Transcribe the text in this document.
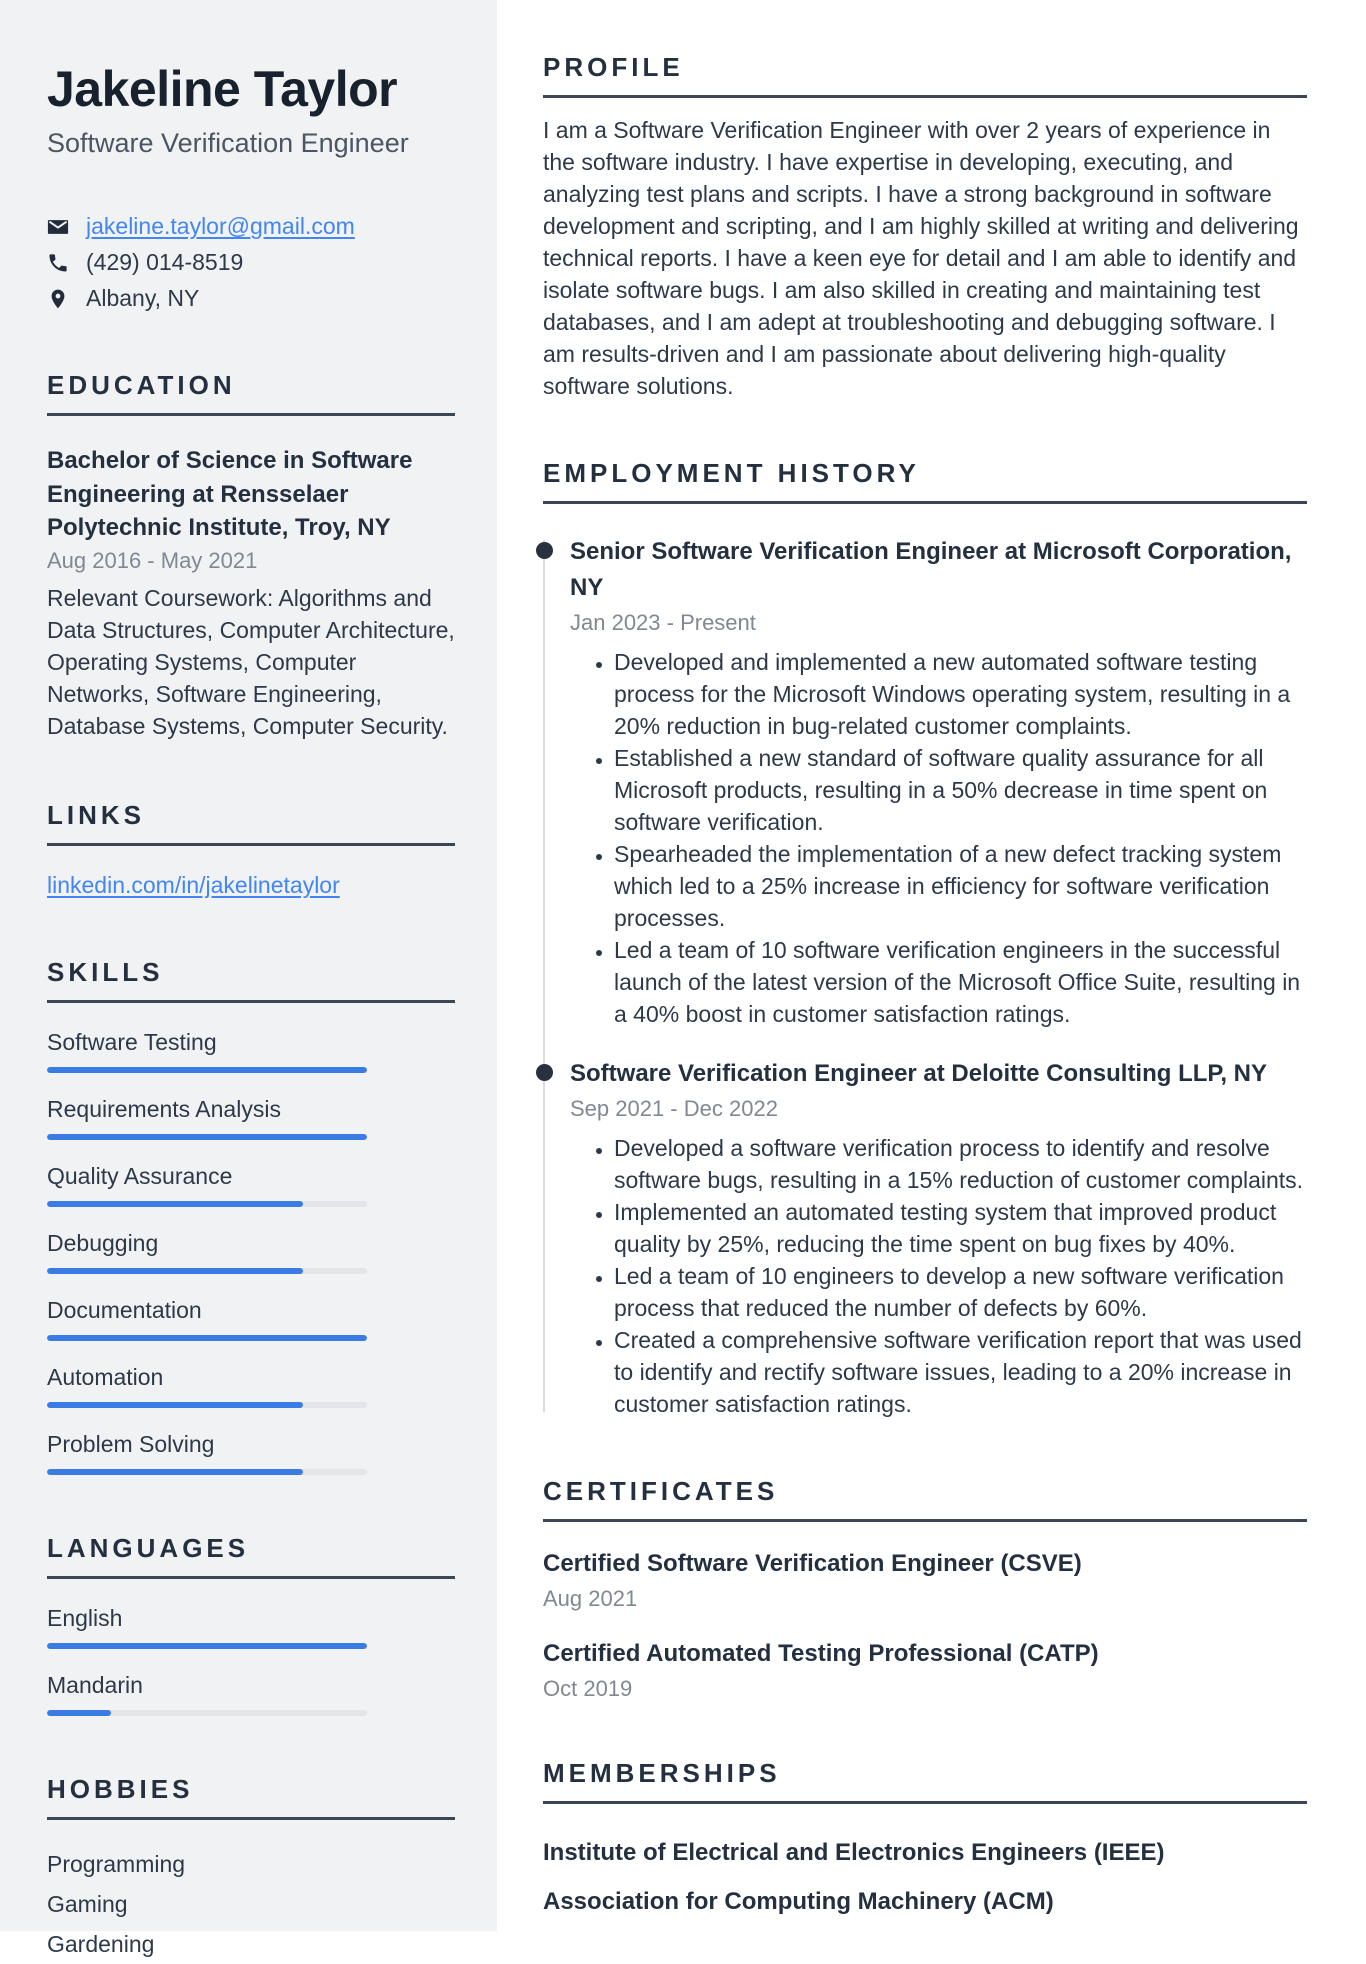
Jakeline Taylor
Software Verification Engineer
jakeline.taylor@gmail.com
(429) 014-8519
Albany, NY
EDUCATION
Bachelor of Science in Software Engineering at Rensselaer Polytechnic Institute, Troy, NY
Aug 2016 - May 2021
Relevant Coursework: Algorithms and Data Structures, Computer Architecture, Operating Systems, Computer Networks, Software Engineering, Database Systems, Computer Security.
LINKS
linkedin.com/in/jakelinetaylor
SKILLS
Software Testing
Requirements Analysis
Quality Assurance
Debugging
Documentation
Automation
Problem Solving
LANGUAGES
English
Mandarin
HOBBIES
Programming
Gaming
Gardening
PROFILE

I am a Software Verification Engineer with over 2 years of experience in the software industry. I have expertise in developing, executing, and analyzing test plans and scripts. I have a strong background in software development and scripting, and I am highly skilled at writing and delivering technical reports. I have a keen eye for detail and I am able to identify and isolate software bugs. I am also skilled in creating and maintaining test databases, and I am adept at troubleshooting and debugging software. I am results-driven and I am passionate about delivering high-quality software solutions.

EMPLOYMENT HISTORY
Senior Software Verification Engineer at Microsoft Corporation, NY
Jan 2023 - Present
• Developed and implemented a new automated software testing process for the Microsoft Windows operating system, resulting in a 20% reduction in bug-related customer complaints.
• Established a new standard of software quality assurance for all Microsoft products, resulting in a 50% decrease in time spent on software verification.
• Spearheaded the implementation of a new defect tracking system which led to a 25% increase in efficiency for software verification processes.
• Led a team of 10 software verification engineers in the successful launch of the latest version of the Microsoft Office Suite, resulting in a 40% boost in customer satisfaction ratings.
Software Verification Engineer at Deloitte Consulting LLP, NY
Sep 2021 - Dec 2022
• Developed a software verification process to identify and resolve software bugs, resulting in a 15% reduction of customer complaints.
• Implemented an automated testing system that improved product quality by 25%, reducing the time spent on bug fixes by 40%.
• Led a team of 10 engineers to develop a new software verification process that reduced the number of defects by 60%.
• Created a comprehensive software verification report that was used to identify and rectify software issues, leading to a 20% increase in customer satisfaction ratings.
CERTIFICATES
Certified Software Verification Engineer (CSVE)
Aug 2021
Certified Automated Testing Professional (CATP)
Oct 2019
MEMBERSHIPS
Institute of Electrical and Electronics Engineers (IEEE)
Association for Computing Machinery (ACM)
